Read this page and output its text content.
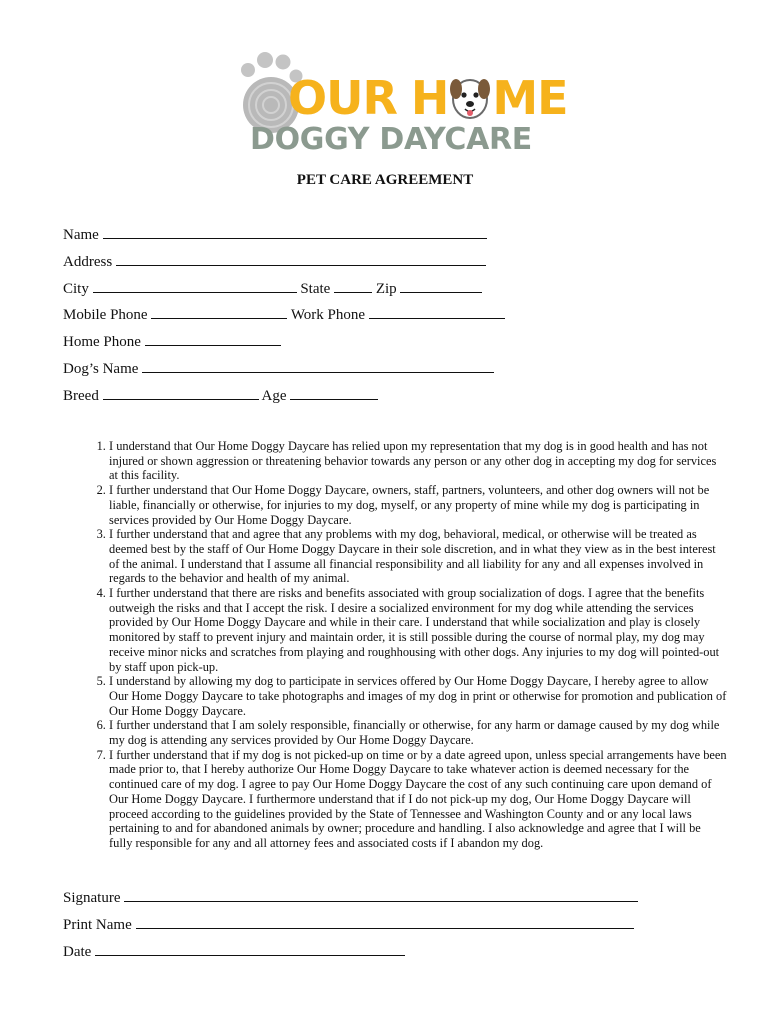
OUR H ME
DOGGY DAYCARE
PET CARE AGREEMENT
Name
Address
City	State	Zip
Mobile Phone	Work Phone
Home Phone
Dog’s Name
Breed	Age
1. I understand that Our Home Doggy Daycare has relied upon my representation that my dog is in good health and has not injured or shown aggression or threatening behavior towards any person or any other dog in accepting my dog for services at this facility.
2. I further understand that Our Home Doggy Daycare, owners, staff, partners, volunteers, and other dog owners will not be liable, financially or otherwise, for injuries to my dog, myself, or any property of mine while my dog is participating in services provided by Our Home Doggy Daycare.
3. I further understand that and agree that any problems with my dog, behavioral, medical, or otherwise will be treated as deemed best by the staff of Our Home Doggy Daycare in their sole discretion, and in what they view as in the best interest of the animal. I understand that I assume all financial responsibility and all liability for any and all expenses involved in regards to the behavior and health of my animal.
4. I further understand that there are risks and benefits associated with group socialization of dogs. I agree that the benefits outweigh the risks and that I accept the risk. I desire a socialized environment for my dog while attending the services provided by Our Home Doggy Daycare and while in their care. I understand that while socialization and play is closely monitored by staff to prevent injury and maintain order, it is still possible during the course of normal play, my dog may receive minor nicks and scratches from playing and roughhousing with other dogs. Any injuries to my dog will pointed-out by staff upon pick-up.
5. I understand by allowing my dog to participate in services offered by Our Home Doggy Daycare, I hereby agree to allow Our Home Doggy Daycare to take photographs and images of my dog in print or otherwise for promotion and publication of Our Home Doggy Daycare.
6. I further understand that I am solely responsible, financially or otherwise, for any harm or damage caused by my dog while my dog is attending any services provided by Our Home Doggy Daycare.
7. I further understand that if my dog is not picked-up on time or by a date agreed upon, unless special arrangements have been made prior to, that I hereby authorize Our Home Doggy Daycare to take whatever action is deemed necessary for the continued care of my dog. I agree to pay Our Home Doggy Daycare the cost of any such continuing care upon demand of Our Home Doggy Daycare. I furthermore understand that if I do not pick-up my dog, Our Home Doggy Daycare will proceed according to the guidelines provided by the State of Tennessee and Washington County and or any local laws pertaining to and for abandoned animals by owner; procedure and handling. I also acknowledge and agree that I will be fully responsible for any and all attorney fees and associated costs if I abandon my dog.
Signature
Print Name
Date
